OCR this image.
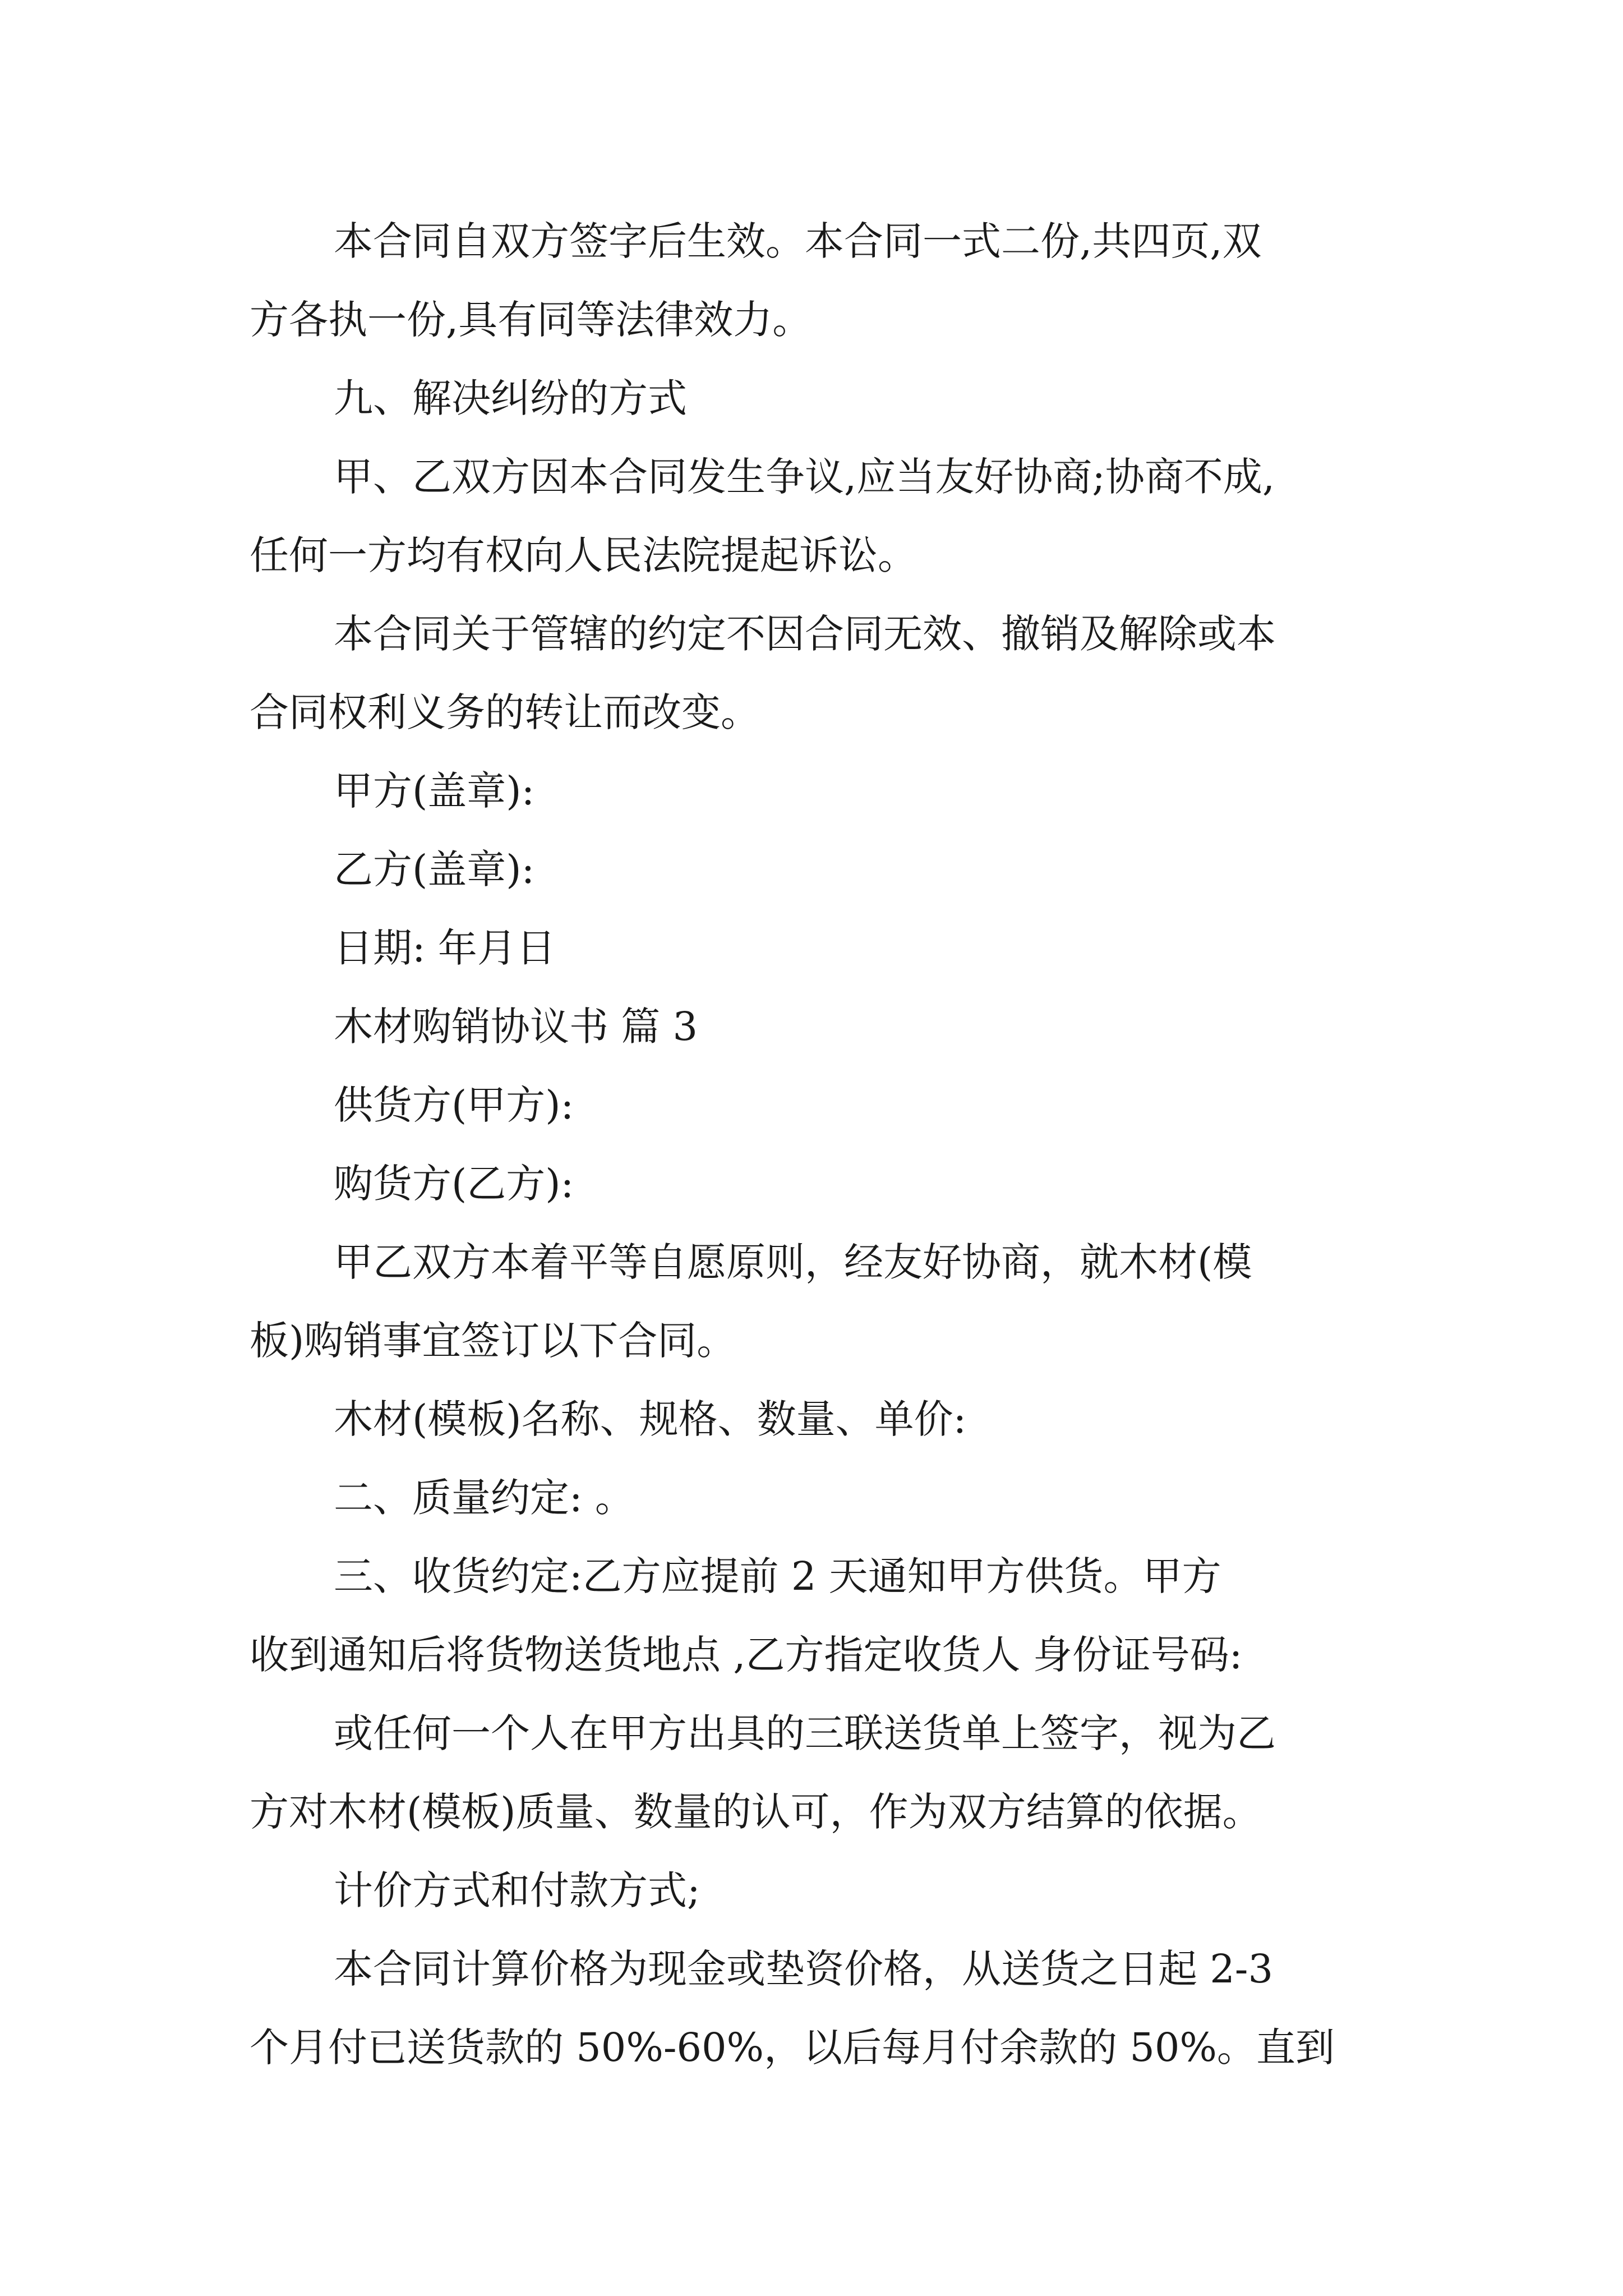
本合同自双方签字后生效。本合同一式二份,共四页,双
方各执一份,具有同等法律效力。
九、解决纠纷的方式
甲、乙双方因本合同发生争议,应当友好协商;协商不成,
任何一方均有权向人民法院提起诉讼。
本合同关于管辖的约定不因合同无效、撤销及解除或本
合同权利义务的转让而改变。
甲方(盖章):
乙方(盖章):
日期: 年月日
木材购销协议书 篇 3
供货方(甲方):
购货方(乙方):
甲乙双方本着平等自愿原则，经友好协商，就木材(模
板)购销事宜签订以下合同。
木材(模板)名称、规格、数量、单价:
二、质量约定: 。
三、收货约定:乙方应提前 2 天通知甲方供货。甲方
收到通知后将货物送货地点 ,乙方指定收货人 身份证号码:
或任何一个人在甲方出具的三联送货单上签字，视为乙
方对木材(模板)质量、数量的认可，作为双方结算的依据。
计价方式和付款方式;
本合同计算价格为现金或垫资价格，从送货之日起 2-3
个月付已送货款的 50%-60%，以后每月付余款的 50%。直到
